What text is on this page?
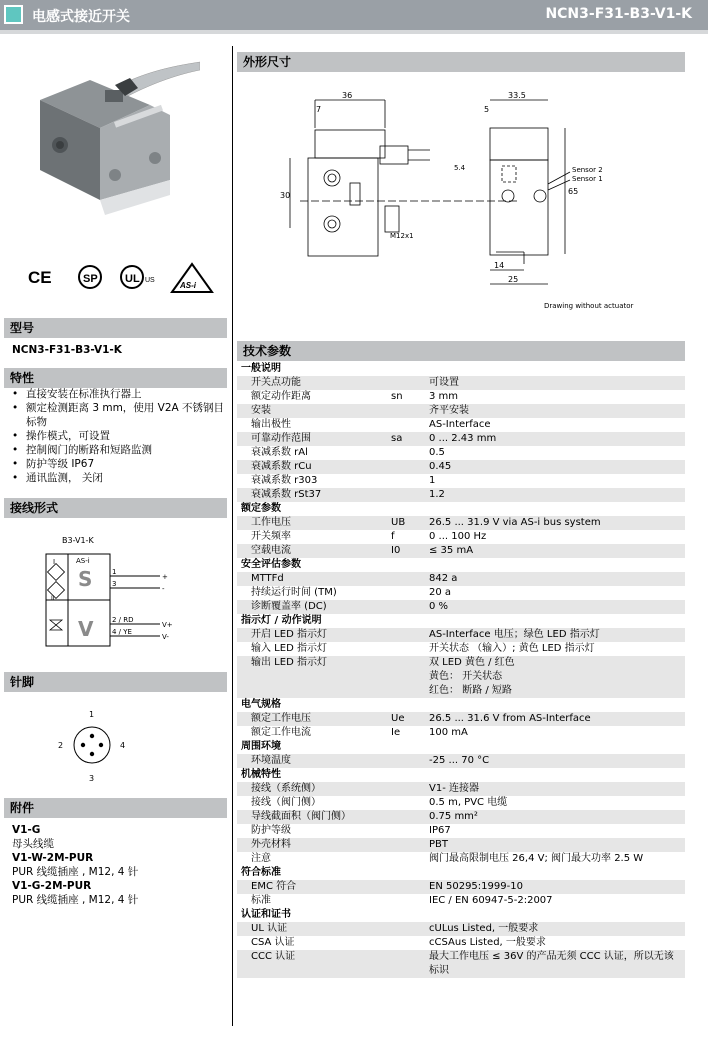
电感式接近开关	NCN3-F31-B3-V1-K
CE	SP UL US
AS-i
型号
NCN3-F31-B3-V1-K
特性
• 直接安装在标准执行器上
• 额定检测距离 3 mm，使用 V2A 不锈钢目标物
• 操作模式，可设置
• 控制阀门的断路和短路监测
• 防护等级 IP67
• 通讯监测， 关闭
接线形式
B3-V1-K
I
II
AS-i
S
V
1
3
+
-
2 / RD
4 / YE
V+
V-
针脚
1
2
3
4
附件
V1-G
母头线缆
V1-W-2M-PUR
PUR 线缆插座 , M12, 4 针
V1-G-2M-PUR
PUR 线缆插座 , M12, 4 针
外形尺寸
36
7
30
M12x1
33.5
5
5.4
65
14
25
Sensor 2
Sensor 1
Drawing without actuator
技术参数
一般说明		
开关点功能		可设置
额定动作距离	sn	3 mm
安装		齐平安装
输出极性		AS-Interface
可靠动作范围	sa	0 ... 2.43 mm
衰减系数 rAl		0.5
衰减系数 rCu		0.45
衰减系数 r303		1
衰减系数 rSt37		1.2
额定参数		
工作电压	UB	26.5 ... 31.9 V via AS-i bus system
开关频率	f	0 ... 100 Hz
空载电流	I0	≤ 35 mA
安全评估参数		
MTTFd		842 a
持续运行时间 (TM)		20 a
诊断覆盖率 (DC)		0 %
指示灯 / 动作说明		
开启 LED 指示灯		AS-Interface 电压；绿色 LED 指示灯
输入 LED 指示灯		开关状态 （输入）; 黄色 LED 指示灯
输出 LED 指示灯		双 LED 黄色 / 红色
黄色： 开关状态
红色： 断路 / 短路
电气规格		
额定工作电压	Ue	26.5 ... 31.6 V from AS-Interface
额定工作电流	Ie	100 mA
周围环境		
环境温度		-25 ... 70 °C
机械特性		
接线（系统侧）		V1- 连接器
接线（阀门侧）		0.5 m, PVC 电缆
导线截面积（阀门侧）		0.75 mm²
防护等级		IP67
外壳材料		PBT
注意		阀门最高限制电压 26,4 V; 阀门最大功率 2.5 W
符合标准		
EMC 符合		EN 50295:1999-10
标准		IEC / EN 60947-5-2:2007
认证和证书		
UL 认证		cULus Listed, 一般要求
CSA 认证		cCSAus Listed, 一般要求
CCC 认证		最大工作电压 ≤ 36V 的产品无须 CCC 认证，所以无该标识
